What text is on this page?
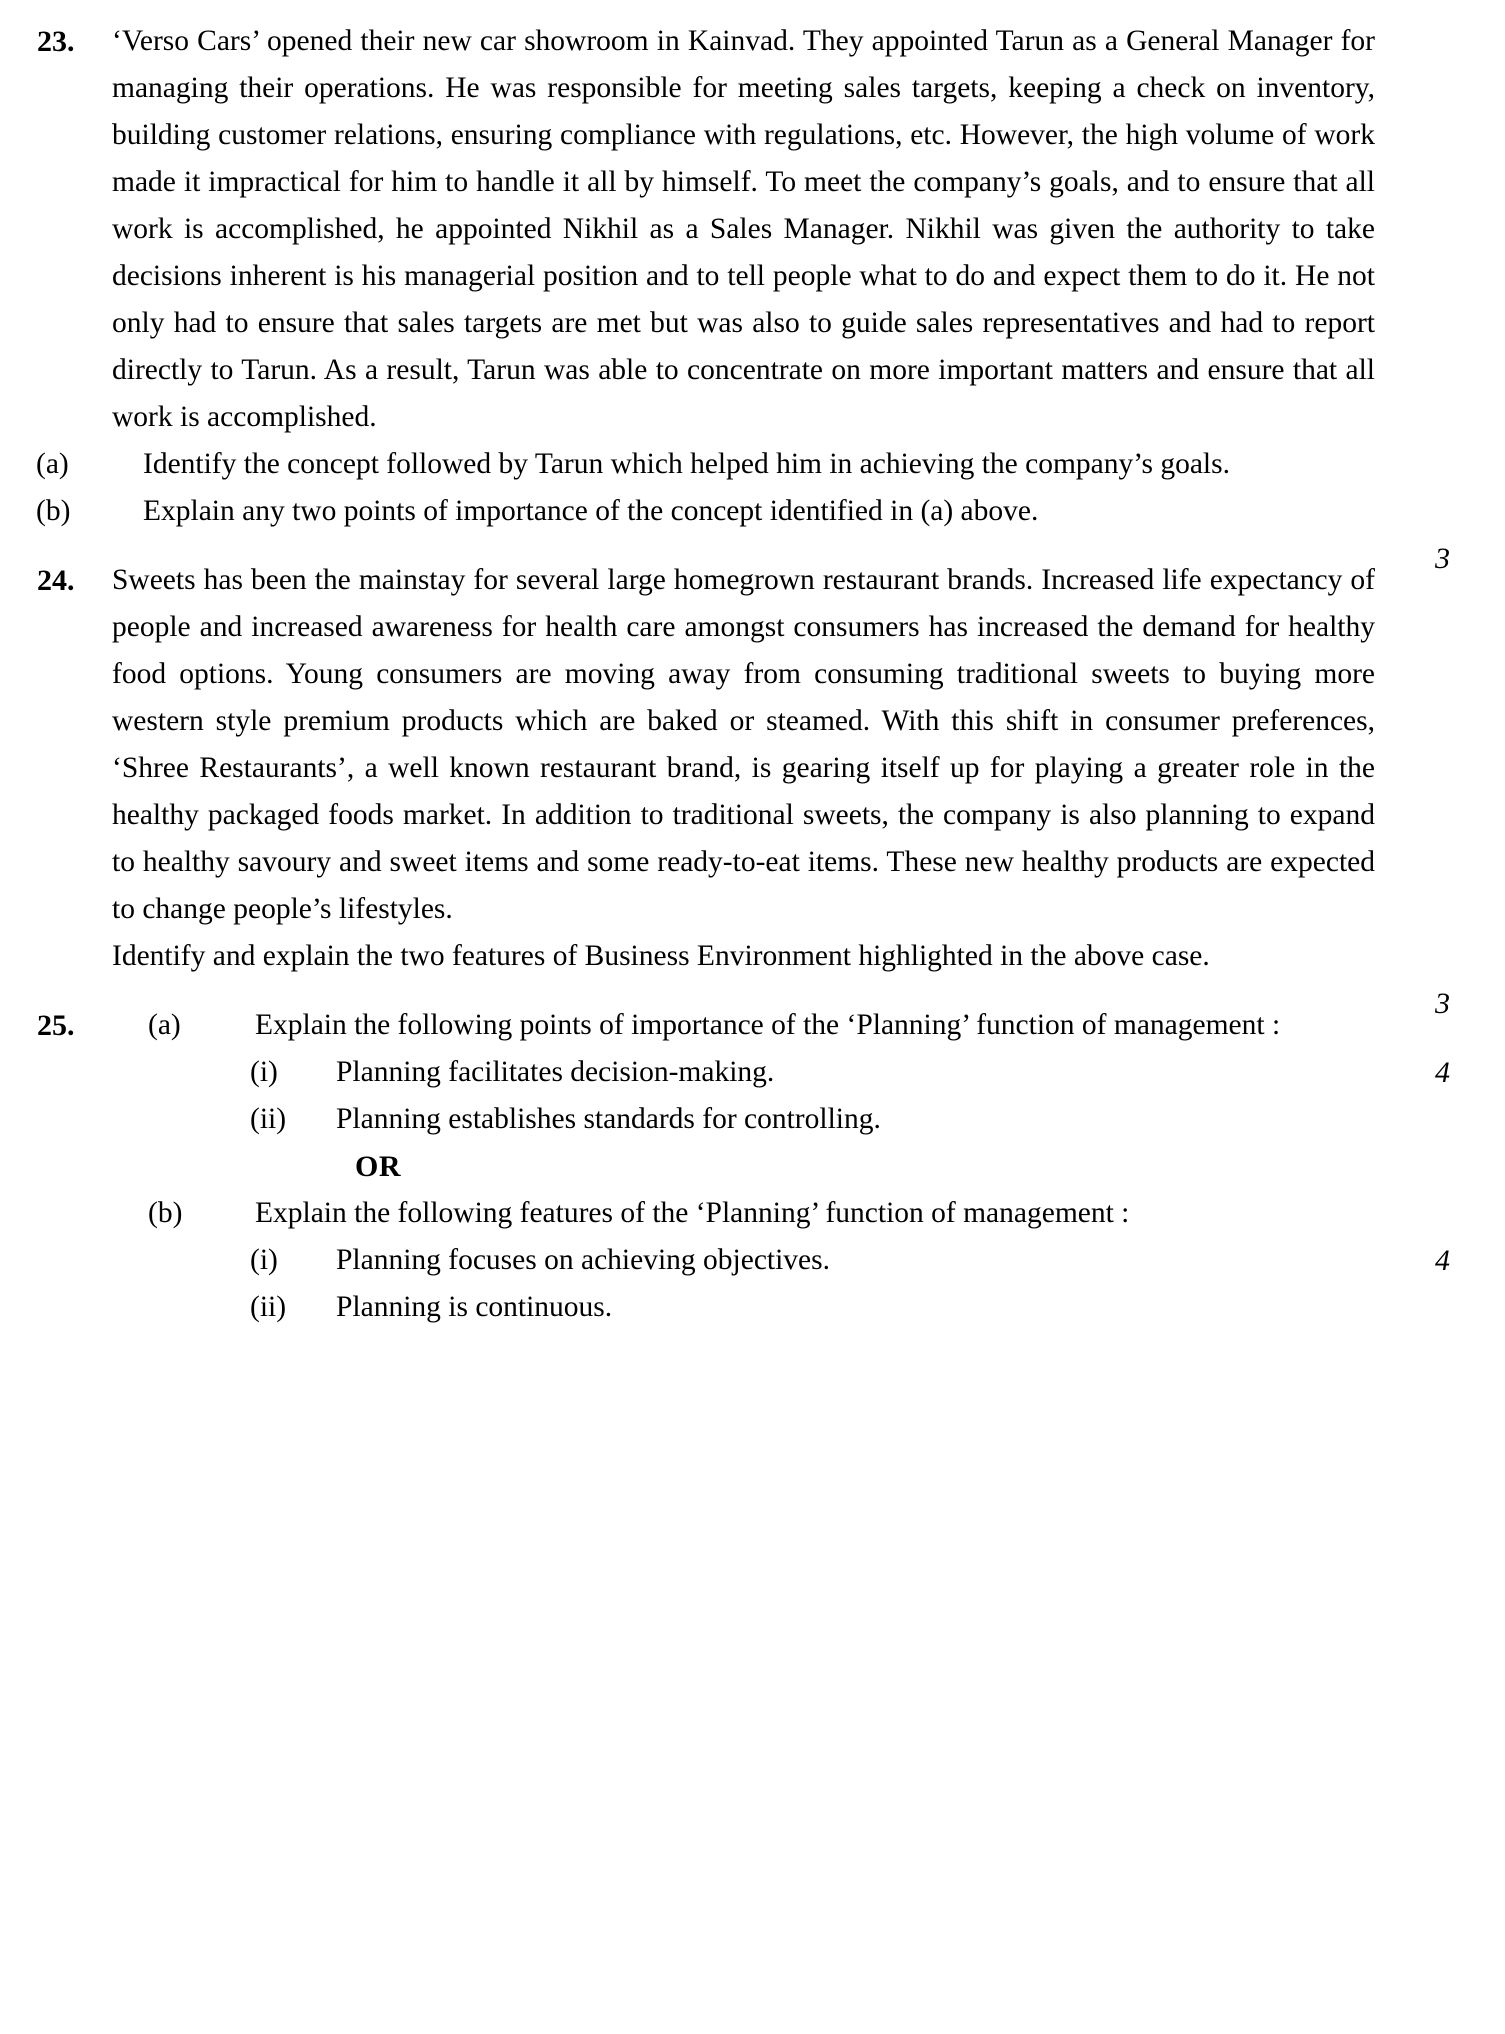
23.	‘Verso Cars’ opened their new car showroom in Kainvad. They appointed Tarun as a General Manager for managing their operations. He was responsible for meeting sales targets, keeping a check on inventory, building customer relations, ensuring compliance with regulations, etc. However, the high volume of work made it impractical for him to handle it all by himself. To meet the company’s goals, and to ensure that all work is accomplished, he appointed Nikhil as a Sales Manager. Nikhil was given the authority to take decisions inherent is his managerial position and to tell people what to do and expect them to do it. He not only had to ensure that sales targets are met but was also to guide sales representatives and had to report directly to Tarun. As a result, Tarun was able to concentrate on more important matters and ensure that all work is accomplished.

(a)	Identify the concept followed by Tarun which helped him in achieving the company’s goals.

(b)	Explain any two points of importance of the concept identified in (a) above.

3
24.	Sweets has been the mainstay for several large homegrown restaurant brands. Increased life expectancy of people and increased awareness for health care amongst consumers has increased the demand for healthy food options. Young consumers are moving away from consuming traditional sweets to buying more western style premium products which are baked or steamed. With this shift in consumer preferences, ‘Shree Restaurants’, a well known restaurant brand, is gearing itself up for playing a greater role in the healthy packaged foods market. In addition to traditional sweets, the company is also planning to expand to healthy savoury and sweet items and some ready-to-eat items. These new healthy products are expected to change people’s lifestyles.

Identify and explain the two features of Business Environment highlighted in the above case.

3
25.	(a)	Explain the following points of importance of the ‘Planning’ function of management :

4
(i)	Planning facilitates decision-making.
(ii)	Planning establishes standards for controlling.
OR
(b)	Explain the following features of the ‘Planning’ function of management :

4
(i)	Planning focuses on achieving objectives.
(ii)	Planning is continuous.
